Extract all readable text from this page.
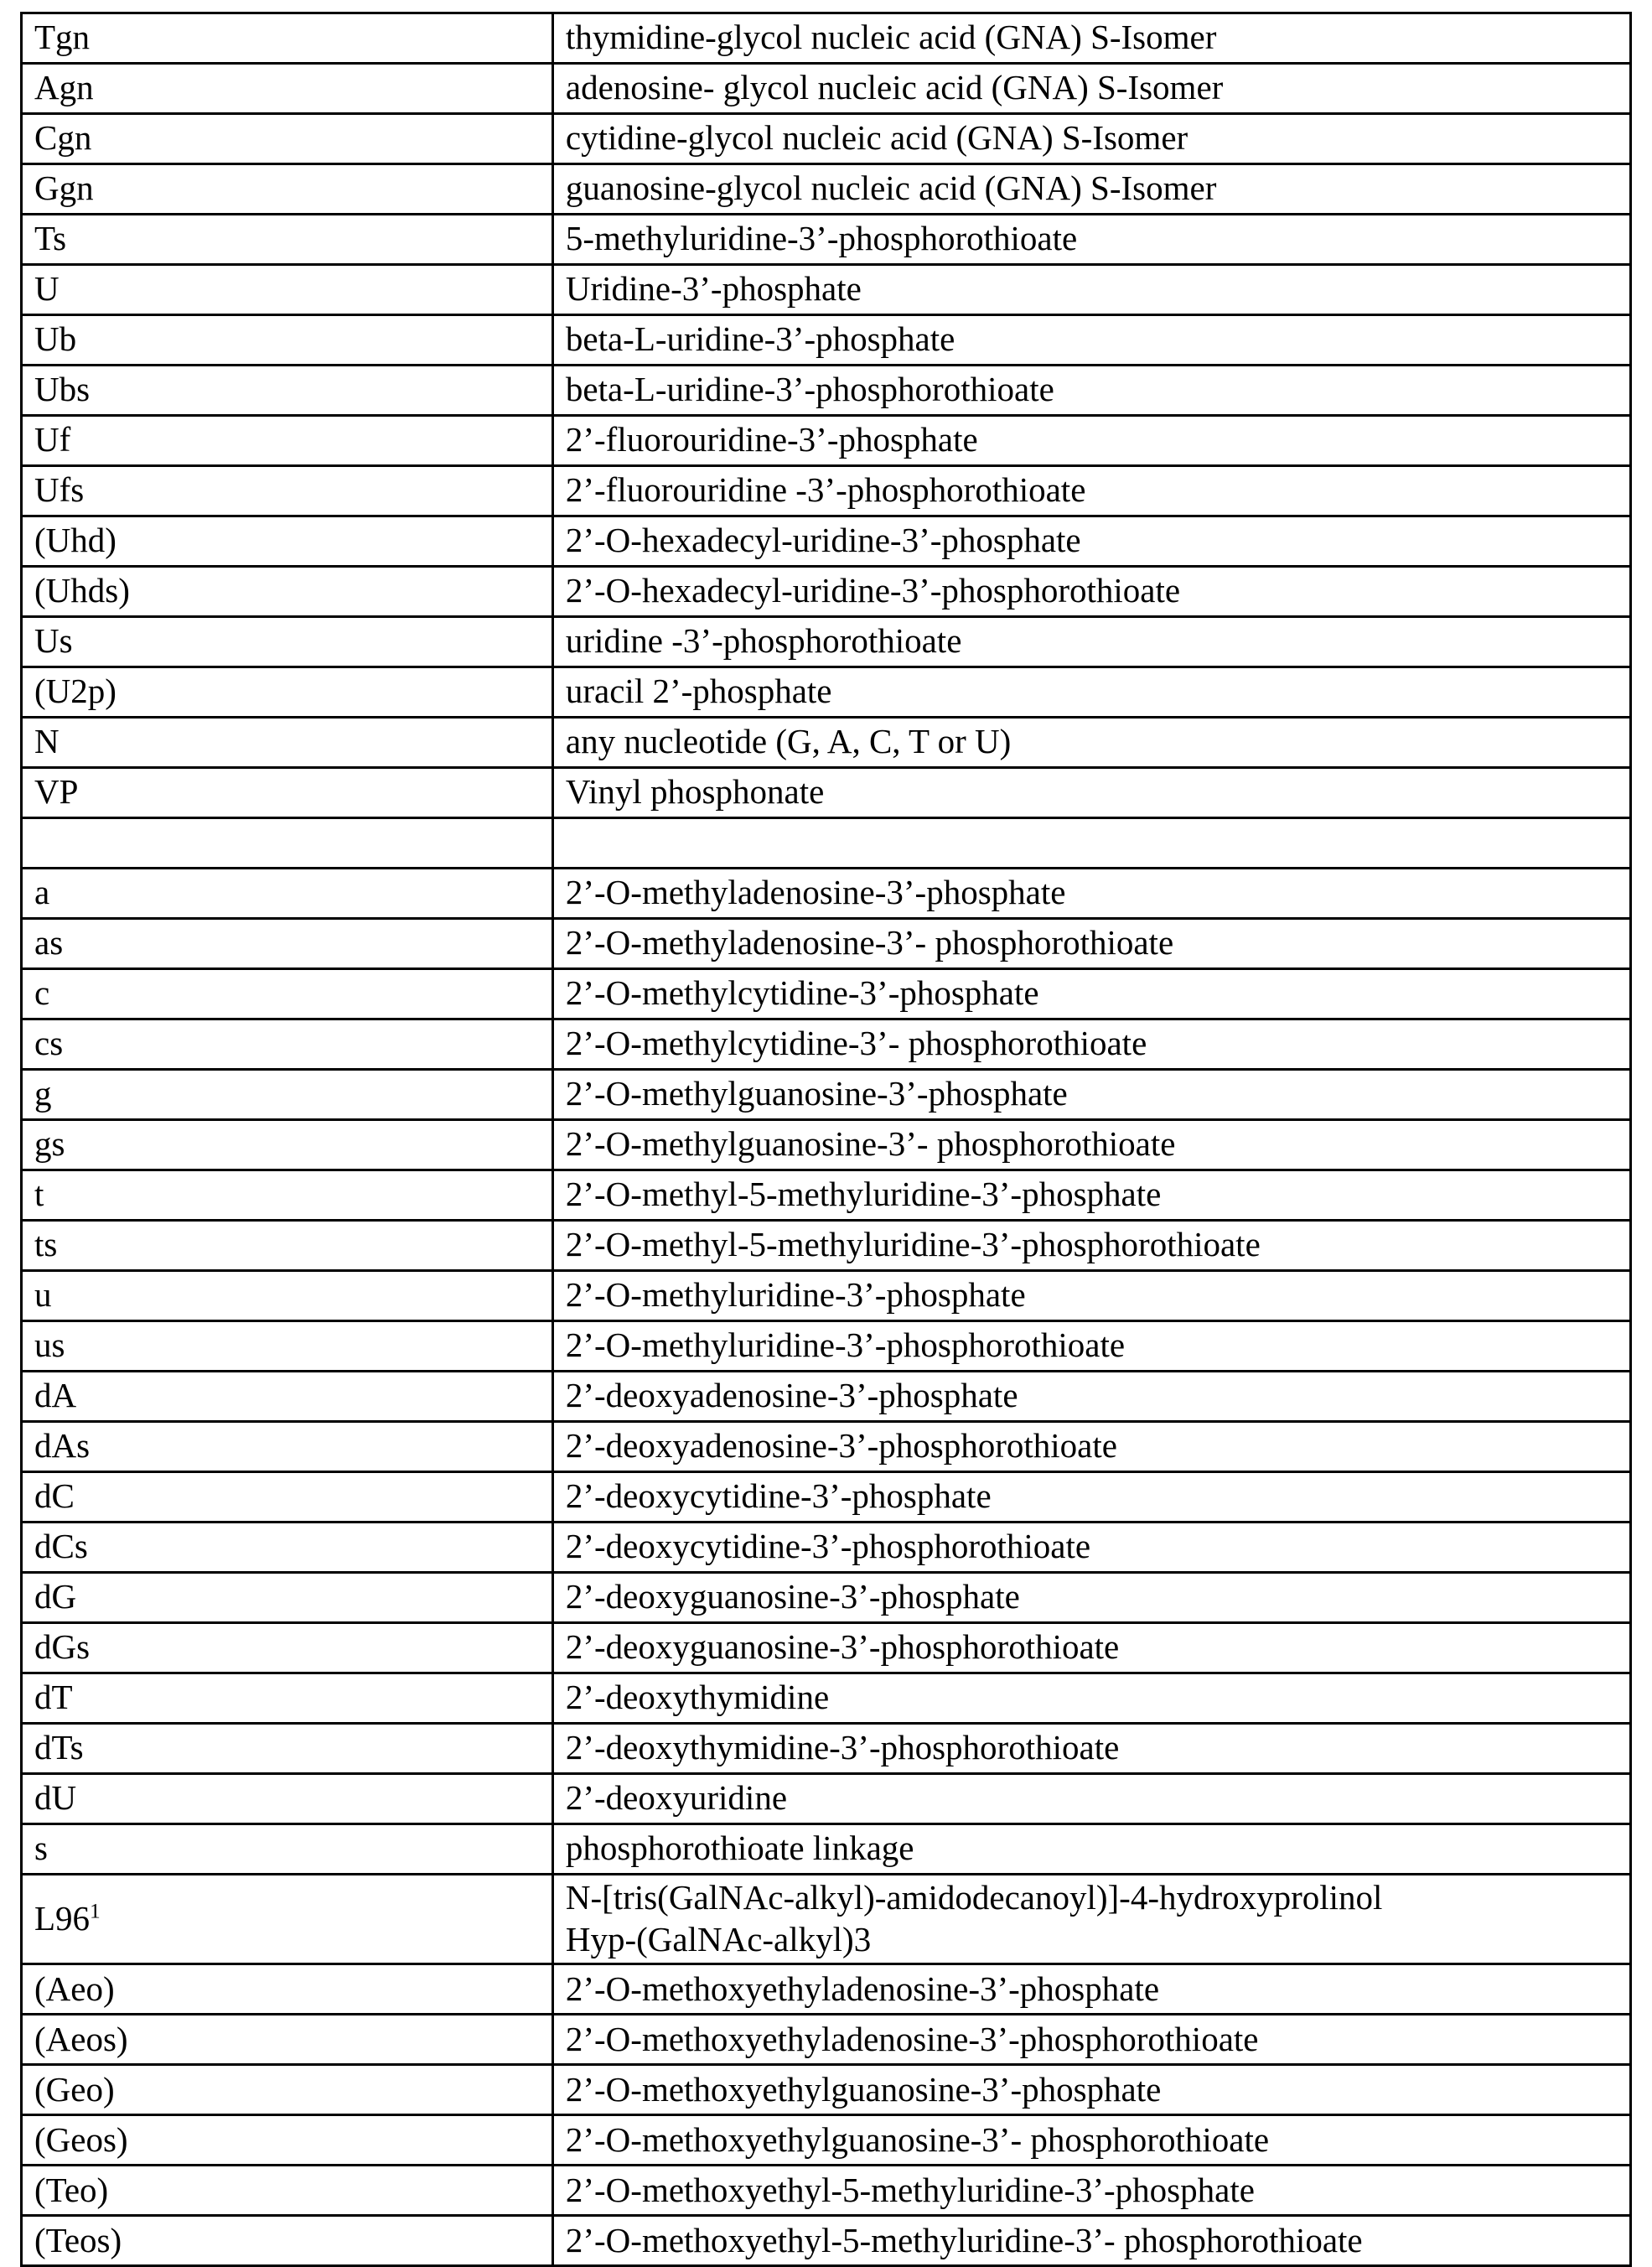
Tgn	thymidine-glycol nucleic acid (GNA) S-Isomer

Agn	adenosine- glycol nucleic acid (GNA) S-Isomer

Cgn	cytidine-glycol nucleic acid (GNA) S-Isomer

Ggn	guanosine-glycol nucleic acid (GNA) S-Isomer

Ts	5-methyluridine-3’-phosphorothioate

U	Uridine-3’-phosphate

Ub	beta-L-uridine-3’-phosphate

Ubs	beta-L-uridine-3’-phosphorothioate

Uf	2’-fluorouridine-3’-phosphate

Ufs	2’-fluorouridine -3’-phosphorothioate

(Uhd)	2’-O-hexadecyl-uridine-3’-phosphate

(Uhds)	2’-O-hexadecyl-uridine-3’-phosphorothioate

Us	uridine -3’-phosphorothioate

(U2p)	uracil 2’-phosphate

N	any nucleotide (G, A, C, T or U)

VP	Vinyl phosphonate

a	2’-O-methyladenosine-3’-phosphate

as	2’-O-methyladenosine-3’- phosphorothioate

c	2’-O-methylcytidine-3’-phosphate

cs	2’-O-methylcytidine-3’- phosphorothioate

g	2’-O-methylguanosine-3’-phosphate

gs	2’-O-methylguanosine-3’- phosphorothioate

t	2’-O-methyl-5-methyluridine-3’-phosphate

ts	2’-O-methyl-5-methyluridine-3’-phosphorothioate

u	2’-O-methyluridine-3’-phosphate

us	2’-O-methyluridine-3’-phosphorothioate

dA	2’-deoxyadenosine-3’-phosphate

dAs	2’-deoxyadenosine-3’-phosphorothioate

dC	2’-deoxycytidine-3’-phosphate

dCs	2’-deoxycytidine-3’-phosphorothioate

dG	2’-deoxyguanosine-3’-phosphate

dGs	2’-deoxyguanosine-3’-phosphorothioate

dT	2’-deoxythymidine

dTs	2’-deoxythymidine-3’-phosphorothioate

dU	2’-deoxyuridine

s	phosphorothioate linkage

L96$^1$	N-[tris(GalNAc-alkyl)-amidodecanoyl)]-4-hydroxyprolinol
Hyp-(GalNAc-alkyl)3

(Aeo)	2’-O-methoxyethyladenosine-3’-phosphate

(Aeos)	2’-O-methoxyethyladenosine-3’-phosphorothioate

(Geo)	2’-O-methoxyethylguanosine-3’-phosphate

(Geos)	2’-O-methoxyethylguanosine-3’- phosphorothioate

(Teo)	2’-O-methoxyethyl-5-methyluridine-3’-phosphate

(Teos)	2’-O-methoxyethyl-5-methyluridine-3’- phosphorothioate
